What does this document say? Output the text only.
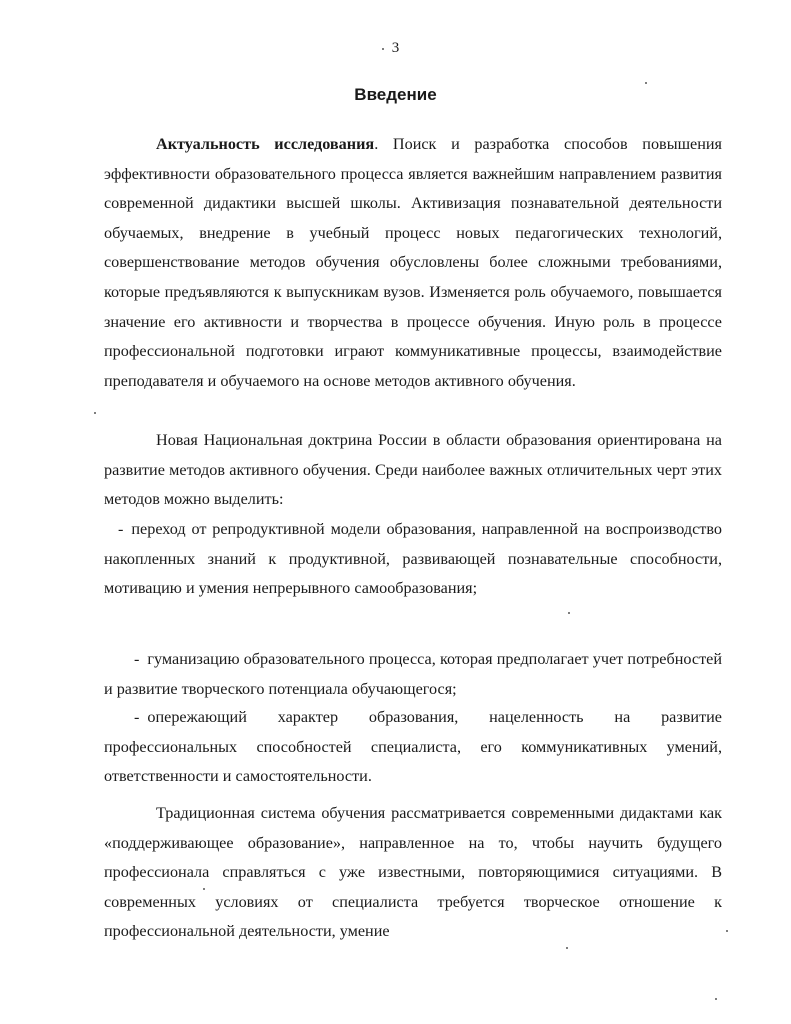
3
Введение
Актуальность исследования. Поиск и разработка способов повышения эффективности образовательного процесса является важнейшим направлением развития современной дидактики высшей школы. Активизация познавательной деятельности обучаемых, внедрение в учебный процесс новых педагогических технологий, совершенствование методов обучения обусловлены более сложными требованиями, которые предъявляются к выпускникам вузов. Изменяется роль обучаемого, повышается значение его активности и творчества в процессе обучения. Иную роль в процессе профессиональной подготовки играют коммуникативные процессы, взаимодействие преподавателя и обучаемого на основе методов активного обучения.
Новая Национальная доктрина России в области образования ориентирована на развитие методов активного обучения. Среди наиболее важных отличительных черт этих методов можно выделить:
- переход от репродуктивной модели образования, направленной на воспроизводство накопленных знаний к продуктивной, развивающей познавательные способности, мотивацию и умения непрерывного самообразования;
- гуманизацию образовательного процесса, которая предполагает учет потребностей и развитие творческого потенциала обучающегося;
- опережающий характер образования, нацеленность на развитие профессиональных способностей специалиста, его коммуникативных умений, ответственности и самостоятельности.
Традиционная система обучения рассматривается современными дидактами как «поддерживающее образование», направленное на то, чтобы научить будущего профессионала справляться с уже известными, повторяющимися ситуациями. В современных условиях от специалиста требуется творческое отношение к профессиональной деятельности, умение
